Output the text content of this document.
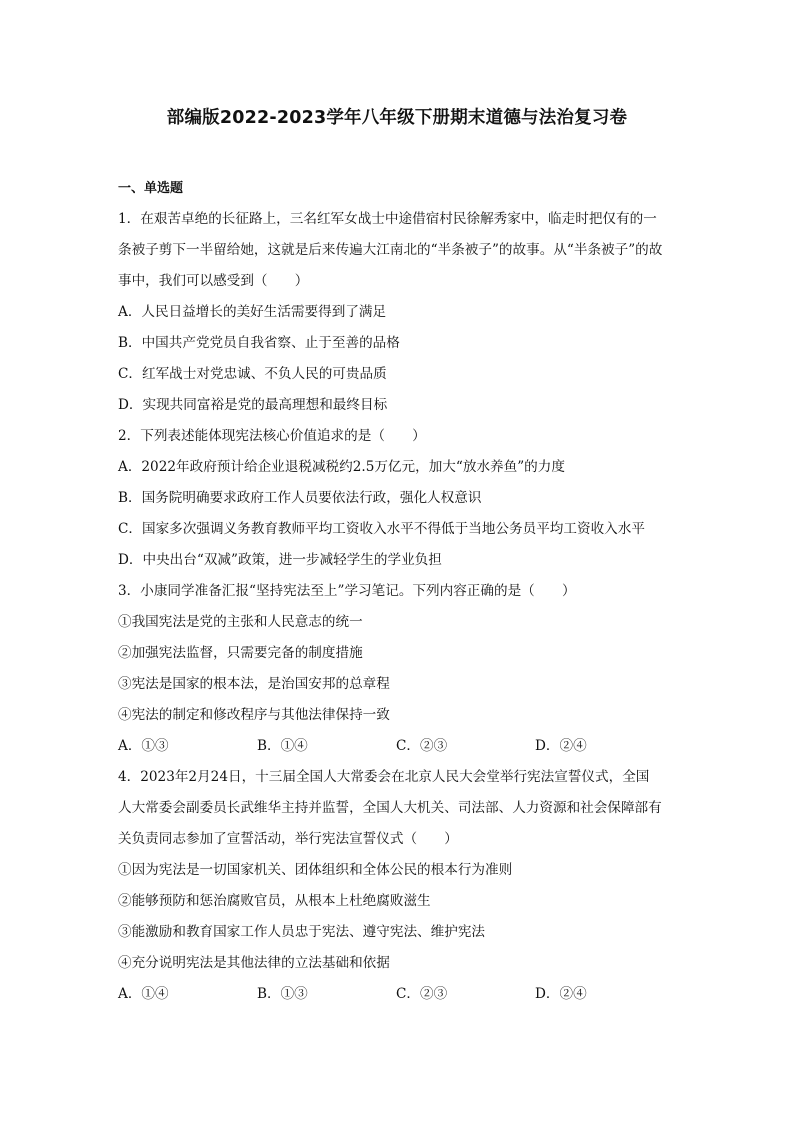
部编版2022-2023学年八年级下册期末道德与法治复习卷
一、单选题
1．在艰苦卓绝的长征路上，三名红军女战士中途借宿村民徐解秀家中，临走时把仅有的一
条被子剪下一半留给她，这就是后来传遍大江南北的“半条被子”的故事。从“半条被子”的故
事中，我们可以感受到（　　）
A．人民日益增长的美好生活需要得到了满足
B．中国共产党党员自我省察、止于至善的品格
C．红军战士对党忠诚、不负人民的可贵品质
D．实现共同富裕是党的最高理想和最终目标
2．下列表述能体现宪法核心价值追求的是（　　）
A．2022年政府预计给企业退税减税约2.5万亿元，加大“放水养鱼”的力度
B．国务院明确要求政府工作人员要依法行政，强化人权意识
C．国家多次强调义务教育教师平均工资收入水平不得低于当地公务员平均工资收入水平
D．中央出台“双减”政策，进一步减轻学生的学业负担
3．小康同学准备汇报“坚持宪法至上”学习笔记。下列内容正确的是（　　）
①我国宪法是党的主张和人民意志的统一
②加强宪法监督，只需要完备的制度措施
③宪法是国家的根本法，是治国安邦的总章程
④宪法的制定和修改程序与其他法律保持一致
A．①③	B．①④	C．②③	D．②④
4．2023年2月24日，十三届全国人大常委会在北京人民大会堂举行宪法宣誓仪式，全国
人大常委会副委员长武维华主持并监誓，全国人大机关、司法部、人力资源和社会保障部有
关负责同志参加了宣誓活动，举行宪法宣誓仪式（　　）
①因为宪法是一切国家机关、团体组织和全体公民的根本行为准则
②能够预防和惩治腐败官员，从根本上杜绝腐败滋生
③能激励和教育国家工作人员忠于宪法、遵守宪法、维护宪法
④充分说明宪法是其他法律的立法基础和依据
A．①④	B．①③	C．②③	D．②④
